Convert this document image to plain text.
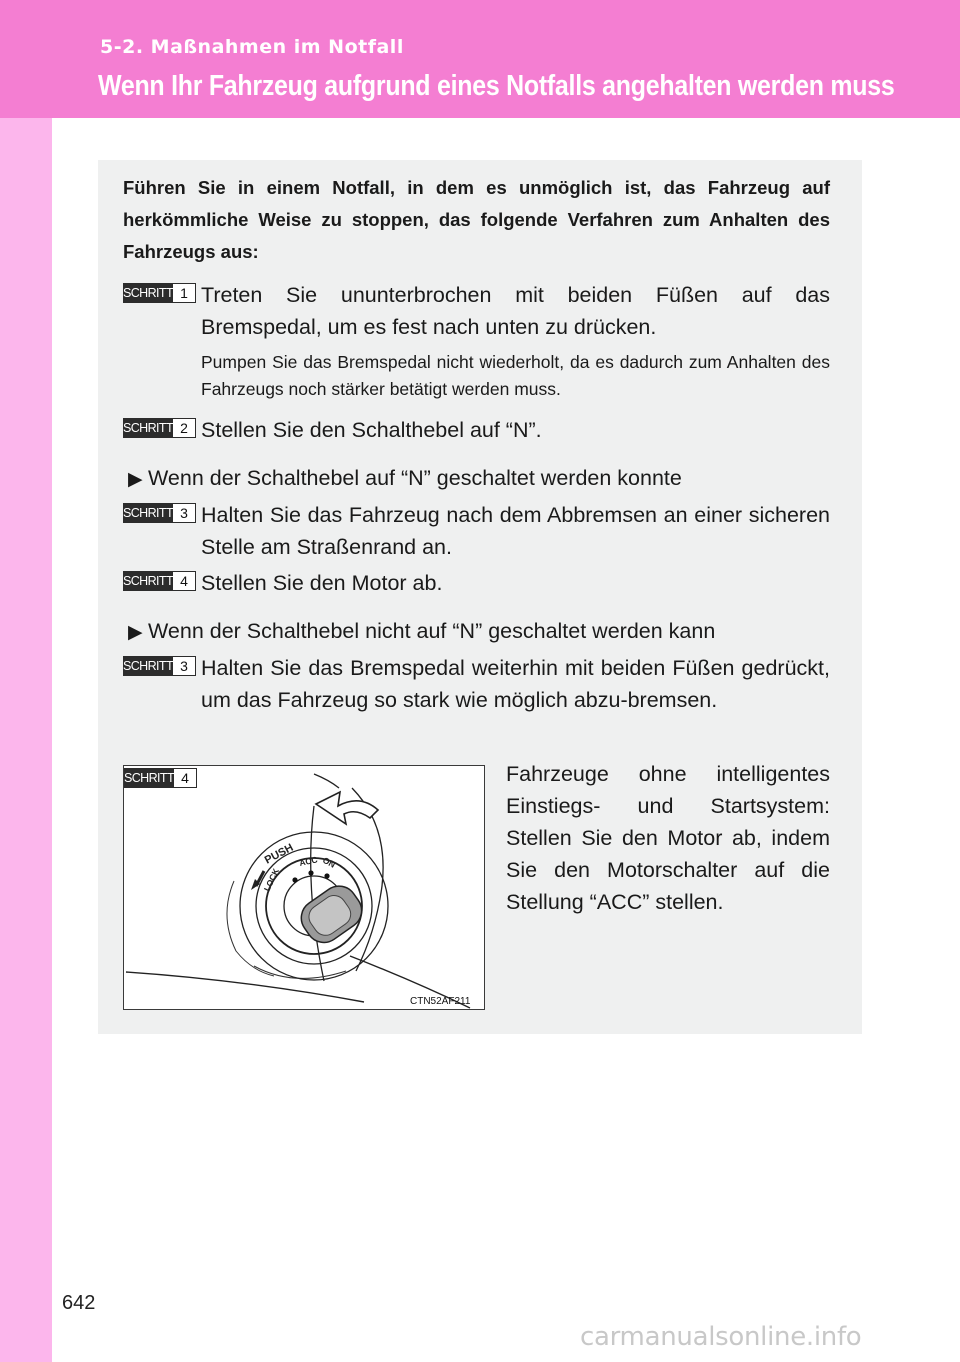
5-2. Maßnahmen im Notfall
Wenn Ihr Fahrzeug aufgrund eines Notfalls angehalten werden muss
Führen Sie in einem Notfall, in dem es unmöglich ist, das Fahrzeug auf herkömmliche Weise zu stoppen, das folgende Verfahren zum Anhalten des Fahrzeugs aus:
SCHRITT 1 Treten Sie ununterbrochen mit beiden Füßen auf das Bremspedal, um es fest nach unten zu drücken.
Pumpen Sie das Bremspedal nicht wiederholt, da es dadurch zum Anhalten des Fahrzeugs noch stärker betätigt werden muss.
SCHRITT 2 Stellen Sie den Schalthebel auf “N”.
▶ Wenn der Schalthebel auf “N” geschaltet werden konnte
SCHRITT 3 Halten Sie das Fahrzeug nach dem Abbremsen an einer sicheren Stelle am Straßenrand an.
SCHRITT 4 Stellen Sie den Motor ab.
▶ Wenn der Schalthebel nicht auf “N” geschaltet werden kann
SCHRITT 3 Halten Sie das Bremspedal weiterhin mit beiden Füßen gedrückt, um das Fahrzeug so stark wie möglich abzu-bremsen.
LOCK
ACC ON
PUSH
CTN52AF211
SCHRITT 4	Fahrzeuge ohne intelligentes Einstiegs- und Startsystem: Stellen Sie den Motor ab, indem Sie den Motorschalter auf die Stellung “ACC” stellen.
642
carmanualsonline.info
